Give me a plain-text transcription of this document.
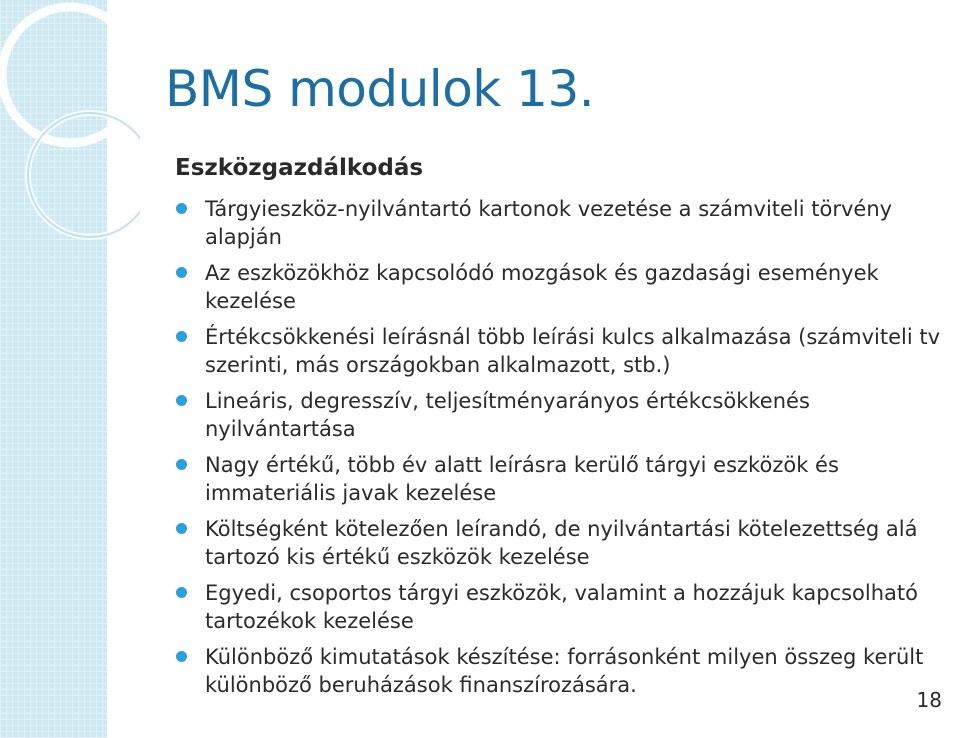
BMS modulok 13.

Eszközgazdálkodás

Tárgyieszköz-nyilvántartó kartonok vezetése a számviteli törvény alapján
Az eszközökhöz kapcsolódó mozgások és gazdasági események kezelése
Értékcsökkenési leírásnál több leírási kulcs alkalmazása (számviteli tv szerinti, más országokban alkalmazott, stb.)
Lineáris, degresszív, teljesítményarányos értékcsökkenés nyilvántartása
Nagy értékű, több év alatt leírásra kerülő tárgyi eszközök és immateriális javak kezelése
Költségként kötelezően leírandó, de nyilvántartási kötelezettség alá tartozó kis értékű eszközök kezelése
Egyedi, csoportos tárgyi eszközök, valamint a hozzájuk kapcsolható tartozékok kezelése
Különböző kimutatások készítése: forrásonként milyen összeg került különböző beruházások finanszírozására.
18
